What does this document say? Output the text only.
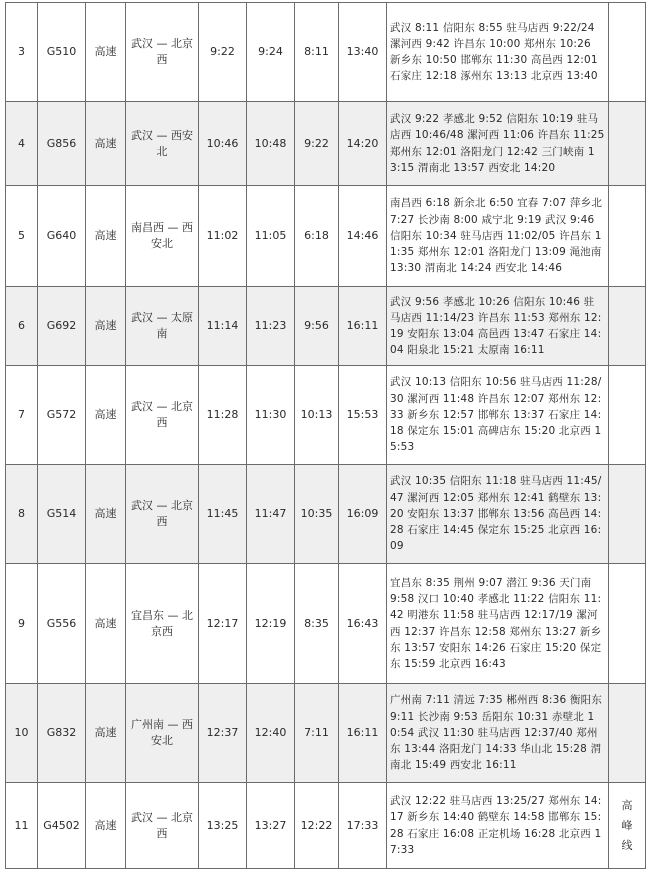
3	G510	高速	武汉 — 北京西	9:22	9:24	8:11	13:40	武汉 8:11 信阳东 8:55 驻马店西 9:22/24 漯河西 9:42 许昌东 10:00 郑州东 10:26 新乡东 10:50 邯郸东 11:30 高邑西 12:01 石家庄 12:18 涿州东 13:13 北京西 13:40	
4	G856	高速	武汉 — 西安北	10:46	10:48	9:22	14:20	武汉 9:22 孝感北 9:52 信阳东 10:19 驻马店西 10:46/48 漯河西 11:06 许昌东 11:25 郑州东 12:01 洛阳龙门 12:42 三门峡南 13:15 渭南北 13:57 西安北 14:20	
5	G640	高速	南昌西 — 西安北	11:02	11:05	6:18	14:46	南昌西 6:18 新余北 6:50 宜春 7:07 萍乡北 7:27 长沙南 8:00 咸宁北 9:19 武汉 9:46 信阳东 10:34 驻马店西 11:02/05 许昌东 11:35 郑州东 12:01 洛阳龙门 13:09 渑池南 13:30 渭南北 14:24 西安北 14:46	
6	G692	高速	武汉 — 太原南	11:14	11:23	9:56	16:11	武汉 9:56 孝感北 10:26 信阳东 10:46 驻马店西 11:14/23 许昌东 11:53 郑州东 12:19 安阳东 13:04 高邑西 13:47 石家庄 14:04 阳泉北 15:21 太原南 16:11	
7	G572	高速	武汉 — 北京西	11:28	11:30	10:13	15:53	武汉 10:13 信阳东 10:56 驻马店西 11:28/30 漯河西 11:48 许昌东 12:07 郑州东 12:33 新乡东 12:57 邯郸东 13:37 石家庄 14:18 保定东 15:01 高碑店东 15:20 北京西 15:53	
8	G514	高速	武汉 — 北京西	11:45	11:47	10:35	16:09	武汉 10:35 信阳东 11:18 驻马店西 11:45/47 漯河西 12:05 郑州东 12:41 鹤壁东 13:20 安阳东 13:37 邯郸东 13:56 高邑西 14:28 石家庄 14:45 保定东 15:25 北京西 16:09	
9	G556	高速	宜昌东 — 北京西	12:17	12:19	8:35	16:43	宜昌东 8:35 荆州 9:07 潜江 9:36 天门南 9:58 汉口 10:40 孝感北 11:22 信阳东 11:42 明港东 11:58 驻马店西 12:17/19 漯河西 12:37 许昌东 12:58 郑州东 13:27 新乡东 13:57 安阳东 14:26 石家庄 15:20 保定东 15:59 北京西 16:43	
10	G832	高速	广州南 — 西安北	12:37	12:40	7:11	16:11	广州南 7:11 清远 7:35 郴州西 8:36 衡阳东 9:11 长沙南 9:53 岳阳东 10:31 赤壁北 10:54 武汉 11:30 驻马店西 12:37/40 郑州东 13:44 洛阳龙门 14:33 华山北 15:28 渭南北 15:49 西安北 16:11	
11	G4502	高速	武汉 — 北京西	13:25	13:27	12:22	17:33	武汉 12:22 驻马店西 13:25/27 郑州东 14:17 新乡东 14:40 鹤壁东 14:58 邯郸东 15:28 石家庄 16:08 正定机场 16:28 北京西 17:33	高峰线
